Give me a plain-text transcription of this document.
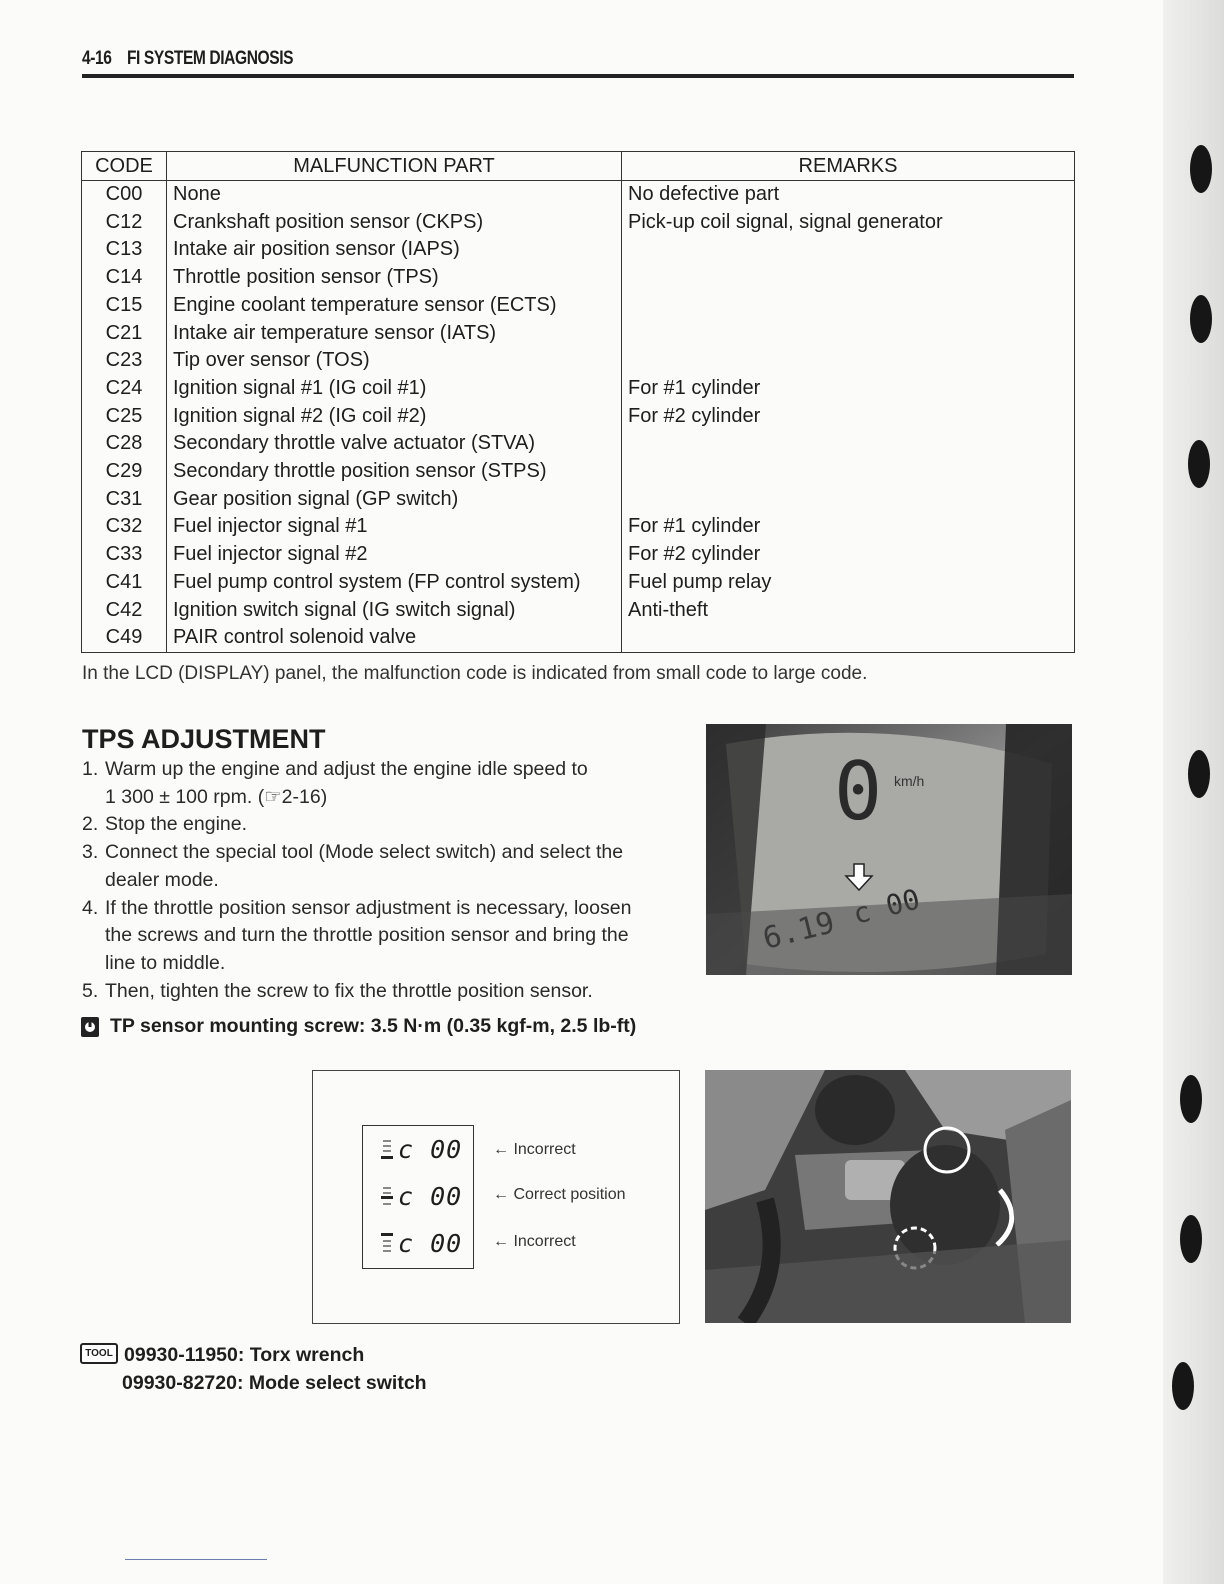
4-16 FI SYSTEM DIAGNOSIS
CODE	MALFUNCTION PART	REMARKS
C00	None	No defective part
C12	Crankshaft position sensor (CKPS)	Pick-up coil signal, signal generator
C13	Intake air position sensor (IAPS)	
C14	Throttle position sensor (TPS)	
C15	Engine coolant temperature sensor (ECTS)	
C21	Intake air temperature sensor (IATS)	
C23	Tip over sensor (TOS)	
C24	Ignition signal #1 (IG coil #1)	For #1 cylinder
C25	Ignition signal #2 (IG coil #2)	For #2 cylinder
C28	Secondary throttle valve actuator (STVA)	
C29	Secondary throttle position sensor (STPS)	
C31	Gear position signal (GP switch)	
C32	Fuel injector signal #1	For #1 cylinder
C33	Fuel injector signal #2	For #2 cylinder
C41	Fuel pump control system (FP control system)	Fuel pump relay
C42	Ignition switch signal (IG switch signal)	Anti-theft
C49	PAIR control solenoid valve	
In the LCD (DISPLAY) panel, the malfunction code is indicated from small code to large code.
TPS ADJUSTMENT
1. Warm up the engine and adjust the engine idle speed to
1 300 ± 100 rpm. (☞2-16)
2. Stop the engine.
3. Connect the special tool (Mode select switch) and select the
dealer mode.
4. If the throttle position sensor adjustment is necessary, loosen
the screws and turn the throttle position sensor and bring the
line to middle.
5. Then, tighten the screw to fix the throttle position sensor.
TP sensor mounting screw: 3.5 N·m (0.35 kgf-m, 2.5 lb-ft)
0 km/h
c 00
c 00
c 00
← Incorrect
← Correct position
← Incorrect
TOOL 09930-11950: Torx wrench
09930-82720: Mode select switch
